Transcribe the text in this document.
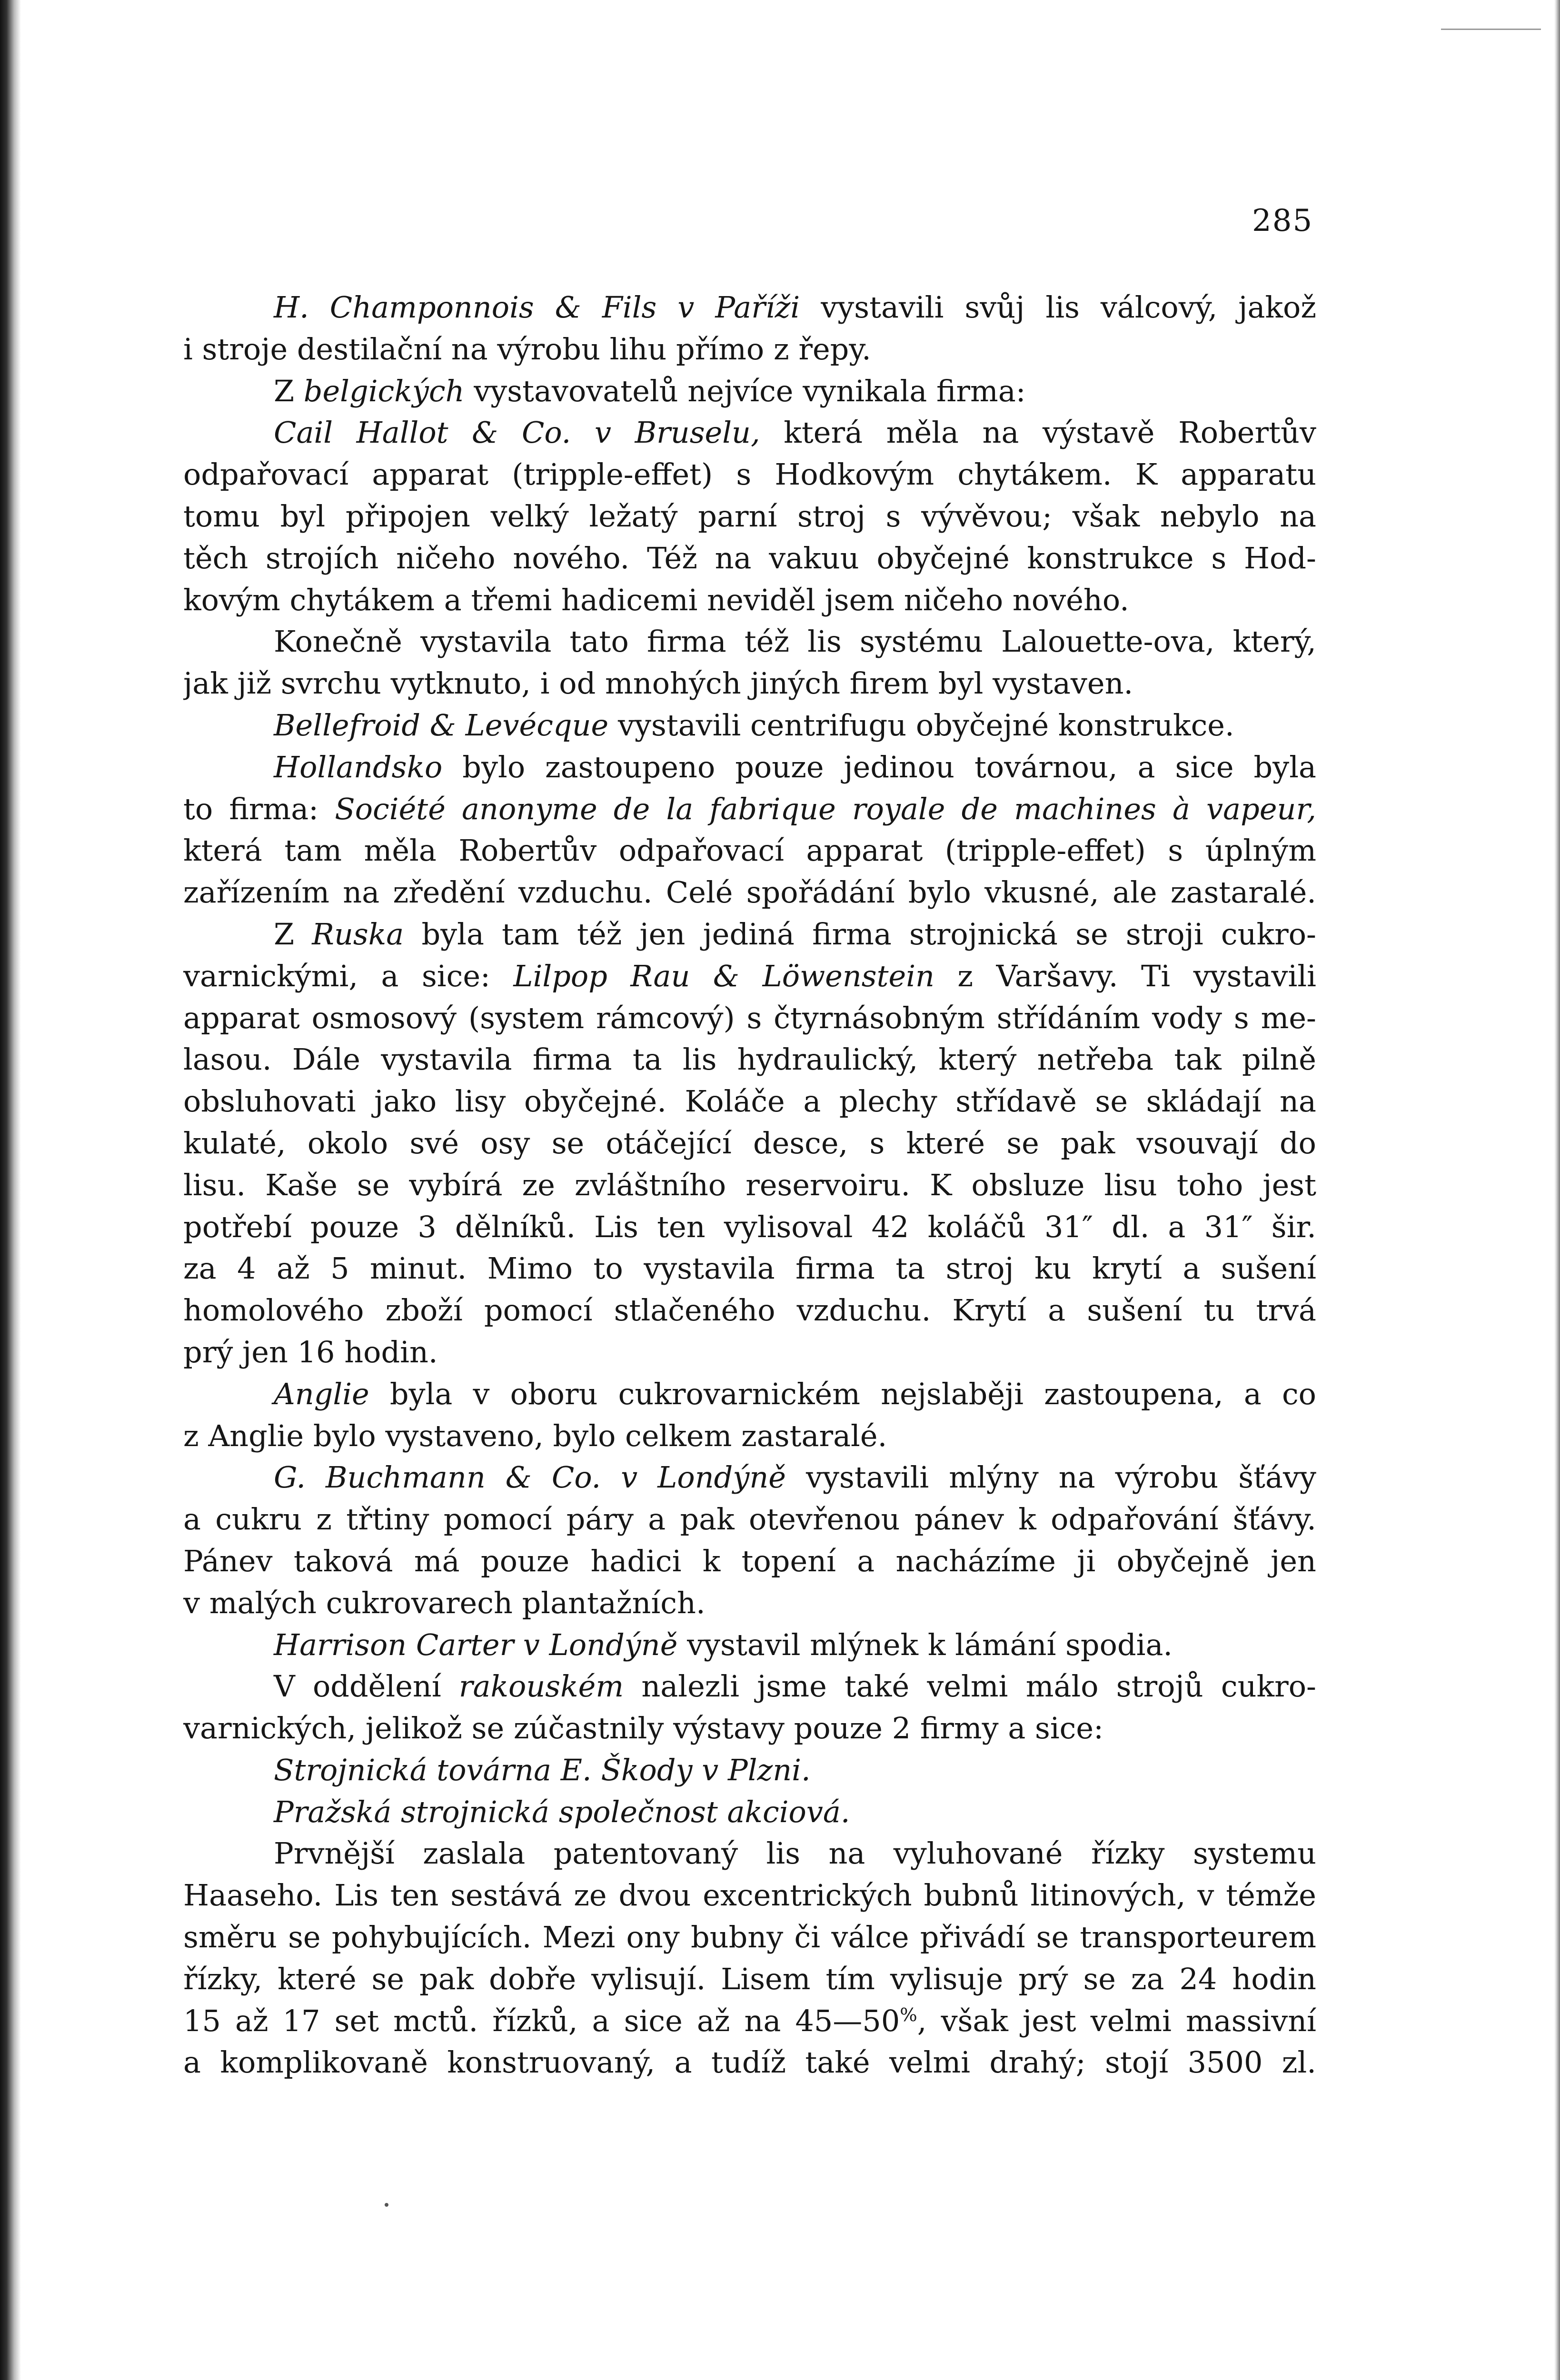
285

H. Champonnois & Fils v Paříži vystavili svůj lis válcový, jakož

i stroje destilační na výrobu lihu přímo z řepy.

Z belgických vystavovatelů nejvíce vynikala firma:

Cail Hallot & Co. v Bruselu, která měla na výstavě Robertův

odpařovací apparat (tripple-effet) s Hodkovým chytákem. K apparatu

tomu byl připojen velký ležatý parní stroj s vývěvou; však nebylo na

těch strojích ničeho nového. Též na vakuu obyčejné konstrukce s Hod-

kovým chytákem a třemi hadicemi neviděl jsem ničeho nového.

Konečně vystavila tato firma též lis systému Lalouette-ova, který,

jak již svrchu vytknuto, i od mnohých jiných firem byl vystaven.

Bellefroid & Levécque vystavili centrifugu obyčejné konstrukce.

Hollandsko bylo zastoupeno pouze jedinou továrnou, a sice byla

to firma: Société anonyme de la fabrique royale de machines à vapeur,

která tam měla Robertův odpařovací apparat (tripple-effet) s úplným

zařízením na zředění vzduchu. Celé spořádání bylo vkusné, ale zastaralé.

Z Ruska byla tam též jen jediná firma strojnická se stroji cukro-

varnickými, a sice: Lilpop Rau & Löwenstein z Varšavy. Ti vystavili

apparat osmosový (system rámcový) s čtyrnásobným střídáním vody s me-

lasou. Dále vystavila firma ta lis hydraulický, který netřeba tak pilně

obsluhovati jako lisy obyčejné. Koláče a plechy střídavě se skládají na

kulaté, okolo své osy se otáčející desce, s které se pak vsouvají do

lisu. Kaše se vybírá ze zvláštního reservoiru. K obsluze lisu toho jest

potřebí pouze 3 dělníků. Lis ten vylisoval 42 koláčů 31″ dl. a 31″ šir.

za 4 až 5 minut. Mimo to vystavila firma ta stroj ku krytí a sušení

homolového zboží pomocí stlačeného vzduchu. Krytí a sušení tu trvá

prý jen 16 hodin.

Anglie byla v oboru cukrovarnickém nejslaběji zastoupena, a co

z Anglie bylo vystaveno, bylo celkem zastaralé.

G. Buchmann & Co. v Londýně vystavili mlýny na výrobu šťávy

a cukru z třtiny pomocí páry a pak otevřenou pánev k odpařování šťávy.

Pánev taková má pouze hadici k topení a nacházíme ji obyčejně jen

v malých cukrovarech plantažních.

Harrison Carter v Londýně vystavil mlýnek k lámání spodia.

V oddělení rakouském nalezli jsme také velmi málo strojů cukro-

varnických, jelikož se zúčastnily výstavy pouze 2 firmy a sice:

Strojnická továrna E. Škody v Plzni.

Pražská strojnická společnost akciová.

Prvnější zaslala patentovaný lis na vyluhované řízky systemu

Haaseho. Lis ten sestává ze dvou excentrických bubnů litinových, v témže

směru se pohybujících. Mezi ony bubny či válce přivádí se transporteurem

řízky, které se pak dobře vylisují. Lisem tím vylisuje prý se za 24 hodin

15 až 17 set mctů. řízků, a sice až na 45—50%, však jest velmi massivní

a komplikovaně konstruovaný, a tudíž také velmi drahý; stojí 3500 zl.
